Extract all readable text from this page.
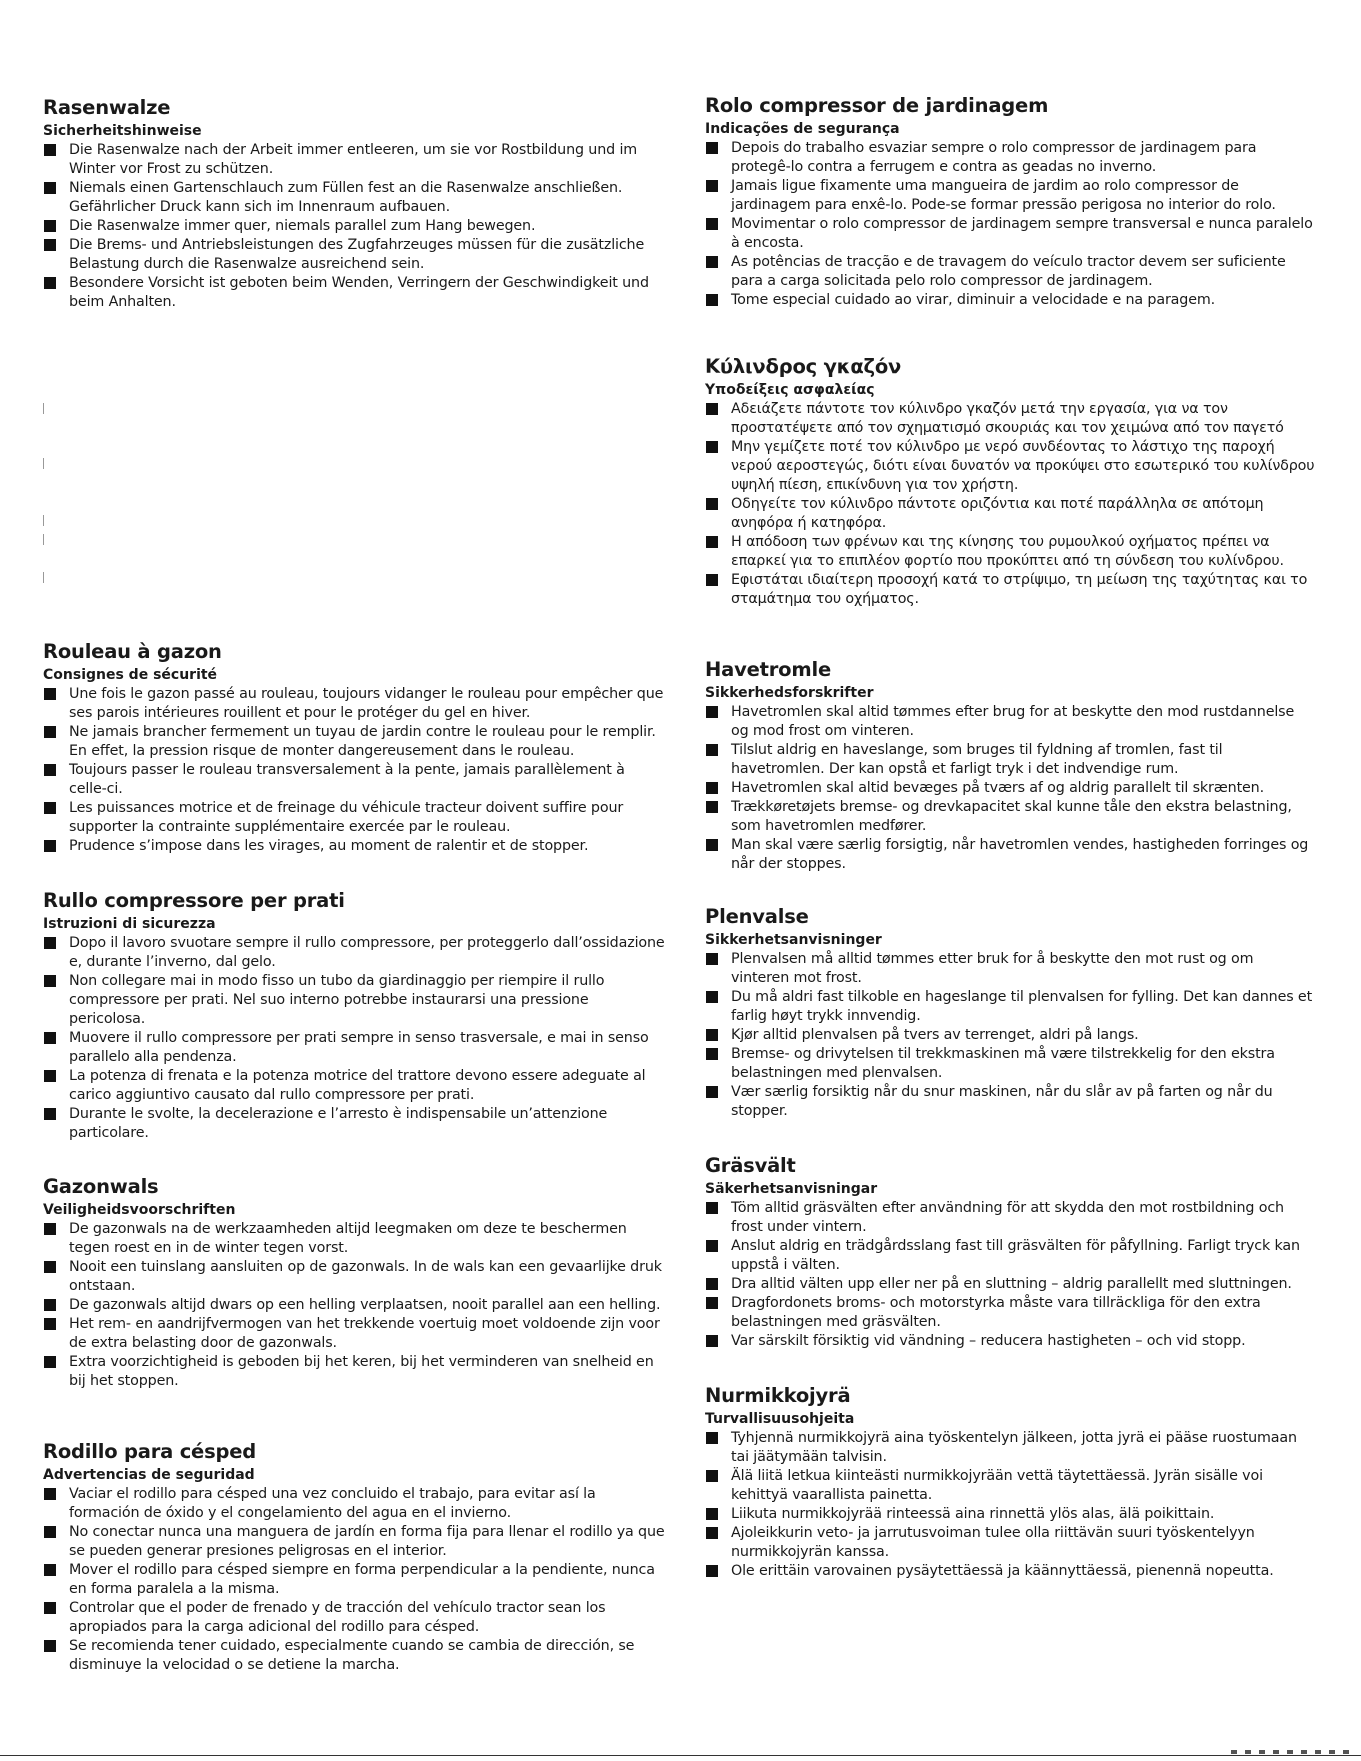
Rasenwalze
Sicherheitshinweise
Die Rasenwalze nach der Arbeit immer entleeren, um sie vor Rostbildung und im Winter vor Frost zu schützen.
Niemals einen Gartenschlauch zum Füllen fest an die Rasenwalze anschließen. Gefährlicher Druck kann sich im Innenraum aufbauen.
Die Rasenwalze immer quer, niemals parallel zum Hang bewegen.
Die Brems- und Antriebsleistungen des Zugfahrzeuges müssen für die zusätzliche Belastung durch die Rasenwalze ausreichend sein.
Besondere Vorsicht ist geboten beim Wenden, Verringern der Geschwindigkeit und beim Anhalten.
Rouleau à gazon
Consignes de sécurité
Une fois le gazon passé au rouleau, toujours vidanger le rouleau pour empêcher que ses parois intérieures rouillent et pour le protéger du gel en hiver.
Ne jamais brancher fermement un tuyau de jardin contre le rouleau pour le remplir. En effet, la pression risque de monter dangereusement dans le rouleau.
Toujours passer le rouleau transversalement à la pente, jamais parallèlement à celle-ci.
Les puissances motrice et de freinage du véhicule tracteur doivent suffire pour supporter la contrainte supplémentaire exercée par le rouleau.
Prudence s’impose dans les virages, au moment de ralentir et de stopper.
Rullo compressore per prati
Istruzioni di sicurezza
Dopo il lavoro svuotare sempre il rullo compressore, per proteggerlo dall’ossidazione e, durante l’inverno, dal gelo.
Non collegare mai in modo fisso un tubo da giardinaggio per riempire il rullo compressore per prati. Nel suo interno potrebbe instaurarsi una pressione pericolosa.
Muovere il rullo compressore per prati sempre in senso trasversale, e mai in senso parallelo alla pendenza.
La potenza di frenata e la potenza motrice del trattore devono essere adeguate al carico aggiuntivo causato dal rullo compressore per prati.
Durante le svolte, la decelerazione e l’arresto è indispensabile un’attenzione particolare.
Gazonwals
Veiligheidsvoorschriften
De gazonwals na de werkzaamheden altijd leegmaken om deze te beschermen tegen roest en in de winter tegen vorst.
Nooit een tuinslang aansluiten op de gazonwals. In de wals kan een gevaarlijke druk ontstaan.
De gazonwals altijd dwars op een helling verplaatsen, nooit parallel aan een helling.
Het rem- en aandrijfvermogen van het trekkende voertuig moet voldoende zijn voor de extra belasting door de gazonwals.
Extra voorzichtigheid is geboden bij het keren, bij het verminderen van snelheid en bij het stoppen.
Rodillo para césped
Advertencias de seguridad
Vaciar el rodillo para césped una vez concluido el trabajo, para evitar así la formación de óxido y el congelamiento del agua en el invierno.
No conectar nunca una manguera de jardín en forma fija para llenar el rodillo ya que se pueden generar presiones peligrosas en el interior.
Mover el rodillo para césped siempre en forma perpendicular a la pendiente, nunca en forma paralela a la misma.
Controlar que el poder de frenado y de tracción del vehículo tractor sean los apropiados para la carga adicional del rodillo para césped.
Se recomienda tener cuidado, especialmente cuando se cambia de dirección, se disminuye la velocidad o se detiene la marcha.
Rolo compressor de jardinagem
Indicações de segurança
Depois do trabalho esvaziar sempre o rolo compressor de jardinagem para protegê-lo contra a ferrugem e contra as geadas no inverno.
Jamais ligue fixamente uma mangueira de jardim ao rolo compressor de jardinagem para enxê-lo. Pode-se formar pressão perigosa no interior do rolo.
Movimentar o rolo compressor de jardinagem sempre transversal e nunca paralelo à encosta.
As potências de tracção e de travagem do veículo tractor devem ser suficiente para a carga solicitada pelo rolo compressor de jardinagem.
Tome especial cuidado ao virar, diminuir a velocidade e na paragem.
Κύλινδρος γκαζόν
Υποδείξεις ασφαλείας
Αδειάζετε πάντοτε τον κύλινδρο γκαζόν μετά την εργασία, για να τον προστατέψετε από τον σχηματισμό σκουριάς και τον χειμώνα από τον παγετό
Μην γεμίζετε ποτέ τον κύλινδρο με νερό συνδέοντας το λάστιχο της παροχή νερού αεροστεγώς, διότι είναι δυνατόν να προκύψει στο εσωτερικό του κυλίνδρου υψηλή πίεση, επικίνδυνη για τον χρήστη.
Οδηγείτε τον κύλινδρο πάντοτε οριζόντια και ποτέ παράλληλα σε απότομη ανηφόρα ή κατηφόρα.
Η απόδοση των φρένων και της κίνησης του ρυμουλκού οχήματος πρέπει να επαρκεί για το επιπλέον φορτίο που προκύπτει από τη σύνδεση του κυλίνδρου.
Εφιστάται ιδιαίτερη προσοχή κατά το στρίψιμο, τη μείωση της ταχύτητας και το σταμάτημα του οχήματος.
Havetromle
Sikkerhedsforskrifter
Havetromlen skal altid tømmes efter brug for at beskytte den mod rustdannelse og mod frost om vinteren.
Tilslut aldrig en haveslange, som bruges til fyldning af tromlen, fast til havetromlen. Der kan opstå et farligt tryk i det indvendige rum.
Havetromlen skal altid bevæges på tværs af og aldrig parallelt til skrænten.
Trækkøretøjets bremse- og drevkapacitet skal kunne tåle den ekstra belastning, som havetromlen medfører.
Man skal være særlig forsigtig, når havetromlen vendes, hastigheden forringes og når der stoppes.
Plenvalse
Sikkerhetsanvisninger
Plenvalsen må alltid tømmes etter bruk for å beskytte den mot rust og om vinteren mot frost.
Du må aldri fast tilkoble en hageslange til plenvalsen for fylling. Det kan dannes et farlig høyt trykk innvendig.
Kjør alltid plenvalsen på tvers av terrenget, aldri på langs.
Bremse- og drivytelsen til trekkmaskinen må være tilstrekkelig for den ekstra belastningen med plenvalsen.
Vær særlig forsiktig når du snur maskinen, når du slår av på farten og når du stopper.
Gräsvält
Säkerhetsanvisningar
Töm alltid gräsvälten efter användning för att skydda den mot rostbildning och frost under vintern.
Anslut aldrig en trädgårdsslang fast till gräsvälten för påfyllning. Farligt tryck kan uppstå i välten.
Dra alltid välten upp eller ner på en sluttning – aldrig parallellt med sluttningen.
Dragfordonets broms- och motorstyrka måste vara tillräckliga för den extra belastningen med gräsvälten.
Var särskilt försiktig vid vändning – reducera hastigheten – och vid stopp.
Nurmikkojyrä
Turvallisuusohjeita
Tyhjennä nurmikkojyrä aina työskentelyn jälkeen, jotta jyrä ei pääse ruostumaan tai jäätymään talvisin.
Älä liitä letkua kiinteästi nurmikkojyrään vettä täytettäessä. Jyrän sisälle voi kehittyä vaarallista painetta.
Liikuta nurmikkojyrää rinteessä aina rinnettä ylös alas, älä poikittain.
Ajoleikkurin veto- ja jarrutusvoiman tulee olla riittävän suuri työskentelyyn nurmikkojyrän kanssa.
Ole erittäin varovainen pysäytettäessä ja käännyttäessä, pienennä nopeutta.
